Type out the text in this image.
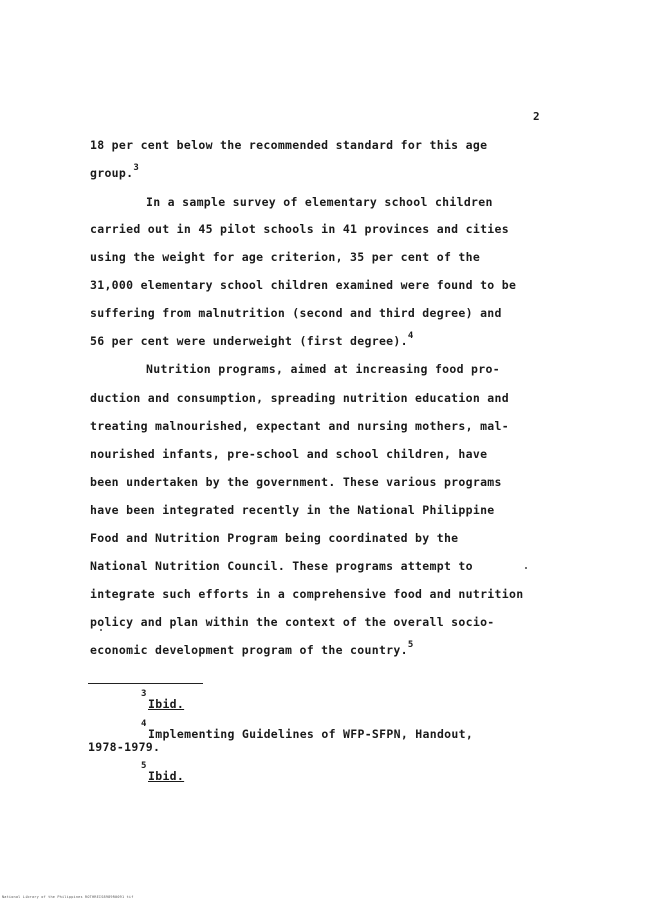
2
18 per cent below the recommended standard for this age
group.$^3$
In a sample survey of elementary school children
carried out in 45 pilot schools in 41 provinces and cities
using the weight for age criterion, 35 per cent of the
31,000 elementary school children examined were found to be
suffering from malnutrition (second and third degree) and
56 per cent were underweight (first degree).$^4$
Nutrition programs, aimed at increasing food pro-
duction and consumption, spreading nutrition education and
treating malnourished, expectant and nursing mothers, mal-
nourished infants, pre-school and school children, have
been undertaken by the government. These various programs
have been integrated recently in the National Philippine
Food and Nutrition Program being coordinated by the
National Nutrition Council. These programs attempt to
integrate such efforts in a comprehensive food and nutrition
policy and plan within the context of the overall socio-
economic development program of the country.$^5$
3
Ibid.
4
Implementing Guidelines of WFP-SFPN, Handout,
1978-1979.
5
Ibid.
National Library of the Philippines ROTHREIS8989R0091 tif
